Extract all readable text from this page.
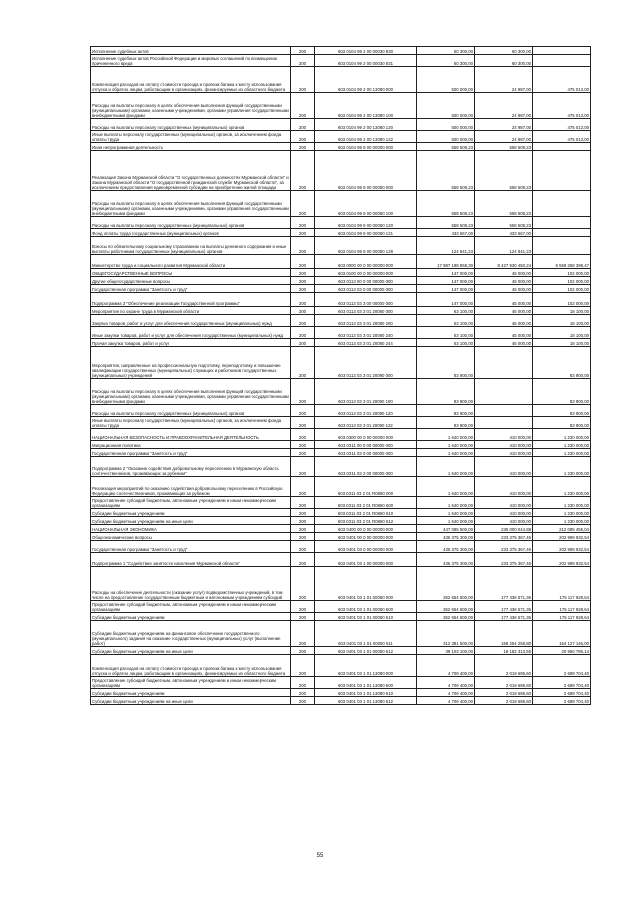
Исполнение судебных актов	200	603 0104 99 2 00 00030 830	60 300,00	60 300,00	
Исполнение судебных актов Российской Федерации и мировых соглашений по возмещению причиненного вреда	200	603 0104 99 2 00 00030 831	60 300,00	60 300,00	
Компенсация расходов на оплату стоимости проезда и провоза багажа к месту использования отпуска и обратно лицам, работающим в организациях, финансируемых из областного бюджета	200	603 0104 99 2 00 13080 000	500 000,00	24 987,00	475 013,00
Расходы на выплаты персоналу в целях обеспечения выполнения функций государственными (муниципальными) органами, казенными учреждениями, органами управления государственными внебюджетными фондами	200	603 0104 99 2 00 13080 100	500 000,00	24 987,00	475 013,00
Расходы на выплаты персоналу государственных (муниципальных) органов	200	603 0104 99 2 00 13080 120	500 000,00	24 987,00	475 013,00
Иные выплаты персоналу государственных (муниципальных) органов, за исключением фонда оплаты труда	200	603 0104 99 2 00 13080 122	500 000,00	24 987,00	475 013,00
Иная непрограммная деятельность	200	603 0104 99 9 00 00000 000	558 508,23	558 508,23	
Реализация Закона Мурманской области "О государственных должностях Мурманской области" и Закона Мурманской области "О государственной гражданской службе Мурманской области", за исключением предоставления единовременной субсидии на приобретение жилой площади	200	603 0104 99 9 00 00050 000	558 508,23	558 508,23	
Расходы на выплаты персоналу в целях обеспечения выполнения функций государственными (муниципальными) органами, казенными учреждениями, органами управления государственными внебюджетными фондами	200	603 0104 99 9 00 00050 100	558 508,23	558 508,23	
Расходы на выплаты персоналу государственных (муниципальных) органов	200	603 0104 99 9 00 00050 120	558 508,23	558 508,23	
Фонд оплаты труда государственных (муниципальных) органов	200	603 0104 99 9 00 00050 121	433 667,00	433 667,00	
Взносы по обязательному социальному страхованию на выплаты денежного содержания и иные выплаты работникам государственных (муниципальных) органов	200	603 0104 99 9 00 00050 129	124 841,23	124 841,23	
Министерство труда и социального развития Мурманской области	200	603 0000 00 0 00 00000 000	17 987 188 858,30	8 427 930 450,24	9 559 258 398,47
ОБЩЕГОСУДАРСТВЕННЫЕ ВОПРОСЫ	200	603 0100 00 0 00 00000 000	147 000,00	45 000,00	102 000,00
Другие общегосударственные вопросы	200	603 0113 00 0 00 00000 000	147 000,00	45 000,00	102 000,00
Государственная программа "Занятость и труд"	200	603 0113 03 0 00 00000 000	147 000,00	45 000,00	102 000,00
Подпрограмма 3 "Обеспечение реализации Государственной программы"	200	603 0113 03 3 00 00000 000	147 000,00	45 000,00	102 000,00
Мероприятия по охране труда в Мурманской области	200	603 0113 03 3 01 20080 000	63 100,00	45 000,00	18 100,00
Закупка товаров, работ и услуг для обеспечения государственных (муниципальных) нужд	200	603 0113 03 3 01 20080 200	63 100,00	45 000,00	18 100,00
Иные закупки товаров, работ и услуг для обеспечения государственных (муниципальных) нужд	200	603 0113 03 3 01 20080 240	63 100,00	45 000,00	18 100,00
Прочая закупка товаров, работ и услуг	200	603 0113 03 3 01 20080 244	63 100,00	45 000,00	18 100,00
Мероприятия, направленные на профессиональную подготовку, переподготовку и повышение квалификации государственных (муниципальных) служащих и работников государственных (муниципальных) учреждений	200	603 0113 03 3 01 20090 000	83 900,00		83 900,00
Расходы на выплаты персоналу в целях обеспечения выполнения функций государственными (муниципальными) органами, казенными учреждениями, органами управления государственными внебюджетными фондами	200	603 0113 03 3 01 20090 100	83 900,00		83 900,00
Расходы на выплаты персоналу государственных (муниципальных) органов	200	603 0113 03 3 01 20090 120	83 900,00		83 900,00
Иные выплаты персоналу государственных (муниципальных) органов, за исключением фонда оплаты труда	200	603 0113 03 3 01 20090 122	83 900,00		83 900,00
НАЦИОНАЛЬНАЯ БЕЗОПАСНОСТЬ И ПРАВООХРАНИТЕЛЬНАЯ ДЕЯТЕЛЬНОСТЬ	200	603 0300 00 0 00 00000 000	1 640 000,00	410 000,00	1 230 000,00
Миграционная политика	200	603 0311 00 0 00 00000 000	1 640 000,00	410 000,00	1 230 000,00
Государственная программа "Занятость и труд"	200	603 0311 03 0 00 00000 000	1 640 000,00	410 000,00	1 230 000,00
Подпрограмма 2 "Оказание содействия добровольному переселению в Мурманскую область соотечественников, проживающих за рубежом"	200	603 0311 03 2 00 00000 000	1 640 000,00	410 000,00	1 230 000,00
Реализация мероприятий по оказанию содействия добровольному переселению в Российскую Федерацию соотечественников, проживающих за рубежом	200	603 0311 03 2 01 R0860 000	1 640 000,00	410 000,00	1 230 000,00
Предоставление субсидий бюджетным, автономным учреждениям и иным некоммерческим организациям	200	603 0311 03 2 01 R0860 600	1 640 000,00	410 000,00	1 230 000,00
Субсидии бюджетным учреждениям	200	603 0311 03 2 01 R0860 610	1 640 000,00	410 000,00	1 230 000,00
Субсидии бюджетным учреждениям на иные цели	200	603 0311 03 2 01 R0860 612	1 640 000,00	410 000,00	1 230 000,00
НАЦИОНАЛЬНАЯ ЭКОНОМИКА	200	603 0400 00 0 00 00000 000	447 085 500,00	235 000 044,88	212 085 455,04
Общеэкономические вопросы	200	603 0401 00 0 00 00000 000	436 375 300,00	233 375 367,46	202 999 932,54
Государственная программа "Занятость и труд"	200	603 0401 03 0 00 00000 000	436 375 300,00	233 375 367,46	202 999 932,54
Подпрограмма 1 "Содействие занятости населения Мурманской области"	200	603 0401 03 1 00 00000 000	436 375 300,00	233 375 367,46	202 999 932,54
Расходы на обеспечение деятельности (оказание услуг) подведомственных учреждений, в том числе на предоставление государственным бюджетным и автономным учреждениям субсидий	200	603 0401 03 1 01 00050 000	352 654 500,00	177 436 571,36	175 117 928,64
Предоставление субсидий бюджетным, автономным учреждениям и иным некоммерческим организациям	200	603 0401 03 1 01 00050 600	352 654 500,00	177 436 571,36	175 117 928,64
Субсидии бюджетным учреждениям	200	603 0401 03 1 01 00050 610	352 654 500,00	177 436 571,36	175 117 928,64
Субсидии бюджетным учреждениям на финансовое обеспечение государственного (муниципального) задания на оказание государственных (муниципальных) услуг (выполнение работ)	200	603 0401 03 1 01 00050 611	312 381 500,00	158 254 258,80	154 127 146,00
Субсидии бюджетным учреждениям на иные цели	200	603 0401 03 1 01 00050 612	39 103 100,00	18 182 313,56	20 950 786,14
Компенсация расходов на оплату стоимости проезда и провоза багажа к месту использования отпуска и обратно лицам, работающим в организациях, финансируемых из областного бюджета	200	603 0401 03 1 01 13080 000	4 709 400,00	2 019 695,60	2 689 704,40
Предоставление субсидий бюджетным, автономным учреждениям и иным некоммерческим организациям	200	603 0401 03 1 01 13080 600	4 709 400,00	2 019 695,60	2 689 704,40
Субсидии бюджетным учреждениям	200	603 0401 03 1 01 13080 610	4 709 400,00	2 019 695,60	2 689 704,40
Субсидии бюджетным учреждениям на иные цели	200	603 0401 03 1 01 13080 612	4 709 400,00	2 019 695,60	2 689 704,40
55
